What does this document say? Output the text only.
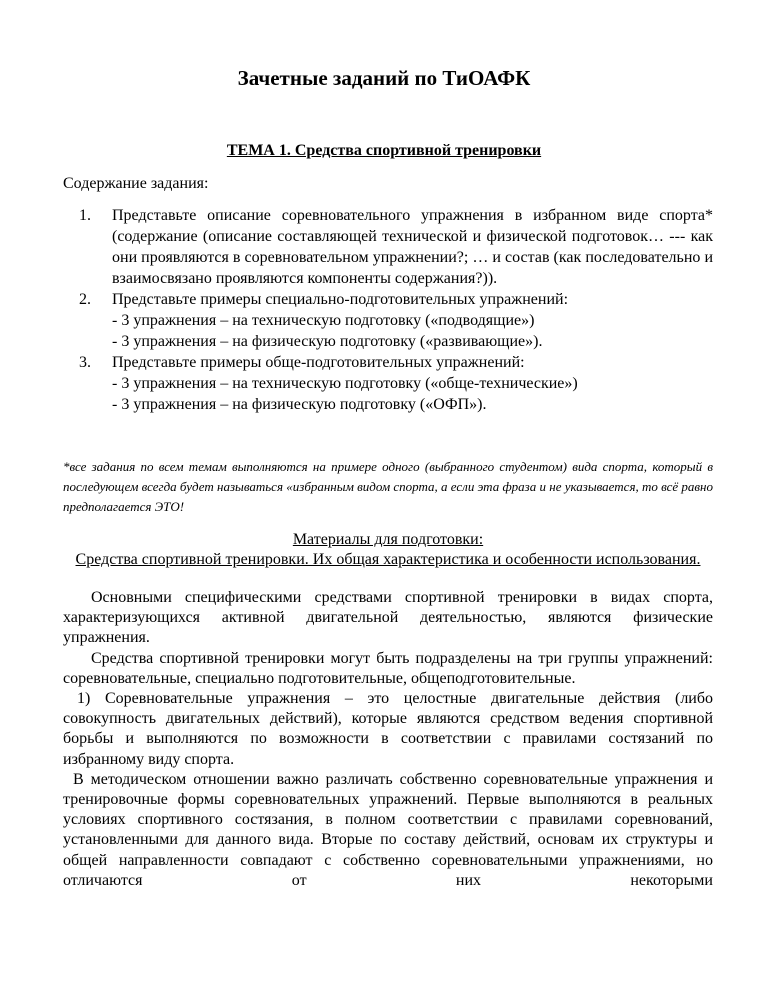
Зачетные заданий по ТиОАФК
ТЕМА 1. Средства спортивной тренировки
Содержание задания:
1. Представьте описание соревновательного упражнения в избранном виде спорта* (содержание (описание составляющей технической и физической подготовок… --- как они проявляются в соревновательном упражнении?; … и состав (как последовательно и взаимосвязано проявляются компоненты содержания?)).
2. Представьте примеры специально-подготовительных упражнений:
- 3 упражнения – на техническую подготовку («подводящие»)
- 3 упражнения – на физическую подготовку («развивающие»).
3. Представьте примеры обще-подготовительных упражнений:
- 3 упражнения – на техническую подготовку («обще-технические»)
- 3 упражнения – на физическую подготовку («ОФП»).
*все задания по всем темам выполняются на примере одного (выбранного студентом) вида спорта, который в последующем всегда будет называться «избранным видом спорта, а если эта фраза и не указывается, то всё равно предполагается ЭТО!
Материалы для подготовки:
Средства спортивной тренировки. Их общая характеристика и особенности использования.

Основными специфическими средствами спортивной тренировки в видах спорта, характеризующихся активной двигательной деятельностью, являются физические упражнения.

Средства спортивной тренировки могут быть подразделены на три группы упражнений: соревновательные, специально подготовительные, общеподготовительные.

1) Соревновательные упражнения – это целостные двигательные действия (либо совокупность двигательных действий), которые являются средством ведения спортивной борьбы и выполняются по возможности в соответствии с правилами состязаний по избранному виду спорта.

В методическом отношении важно различать собственно соревновательные упражнения и тренировочные формы соревновательных упражнений. Первые выполняются в реальных условиях спортивного состязания, в полном соответствии с правилами соревнований, установленными для данного вида. Вторые по составу действий, основам их структуры и общей направленности совпадают с собственно соревновательными упражнениями, но отличаются от них некоторыми
